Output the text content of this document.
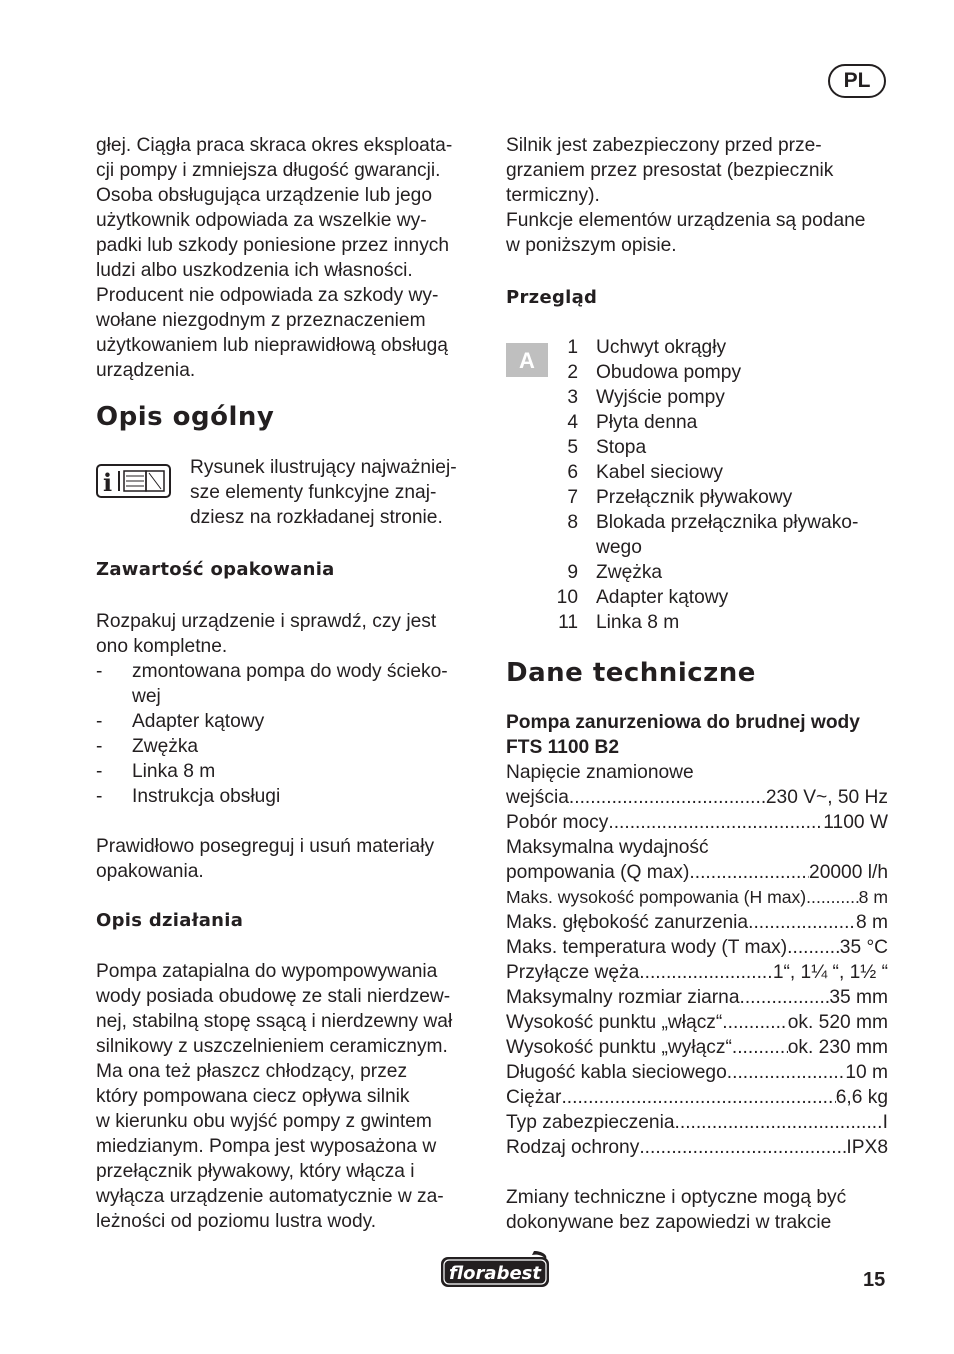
PL

głej. Ciągła praca skraca okres eksploata-

cji pompy i zmniejsza długość gwarancji.

Osoba obsługująca urządzenie lub jego

użytkownik odpowiada za wszelkie wy-

padki lub szkody poniesione przez innych

ludzi albo uszkodzenia ich własności.

Producent nie odpowiada za szkody wy-

wołane niezgodnym z przeznaczeniem

użytkowaniem lub nieprawidłową obsługą

urządzenia.

Opis ogólny
i

Rysunek ilustrujący najważniej-

sze elementy funkcyjne znaj-

dziesz na rozkładanej stronie.

Zawartość opakowania

Rozpakuj urządzenie i sprawdź, czy jest

ono kompletne.

- zmontowana pompa do wody ściekо-
wej
- Adapter kątowy
- Zwężka
- Linka 8 m
- Instrukcja obsługi

Prawidłowo posegreguj i usuń materiały

opakowania.

Opis działania

Pompa zatapialna do wypompowywania

wody posiada obudowę ze stali nierdzew-

nej, stabilną stopę ssącą i nierdzewny wał

silnikowy z uszczelnieniem ceramicznym.

Ma ona też płaszcz chłodzący, przez

który pompowana ciecz opływa silnik

w kierunku obu wyjść pompy z gwintem

miedzianym. Pompa jest wyposażona w

przełącznik pływakowy, który włącza i

wyłącza urządzenie automatycznie w za-

leżności od poziomu lustra wody.

Silnik jest zabezpieczony przed prze-

grzaniem przez presostat (bezpiecznik

termiczny).

Funkcje elementów urządzenia są podane

w poniższym opisie.

Przegląd
A	1 Uchwyt okrągły
2 Obudowa pompy
3 Wyjście pompy
4 Płyta denna
5 Stopa
6 Kabel sieciowy
7 Przełącznik pływakowy
8 Blokada przełącznika pływako-
wego
9 Zwężka
10 Adapter kątowy
11 Linka 8 m
Dane techniczne

Pompa zanurzeniowa do brudnej wody

FTS 1100 B2

Napięcie znamionowe

wejścia .....	230 V~, 50 Hz
Pobór mocy .....	1100 W

Maksymalna wydajność

pompowania (Q max) .....	20000 l/h
Maks. wysokość pompowania (H max) .....	8 m
Maks. głębokość zanurzenia .....	8 m
Maks. temperatura wody (T max) .....	35 °C
Przyłącze węża .....	1“, 1¼ “, 1½ “
Maksymalny rozmiar ziarna .....	35 mm
Wysokość punktu „włącz“ .....	ok. 520 mm
Wysokość punktu „wyłącz“ .....	ok. 230 mm
Długość kabla sieciowego .....	10 m
Ciężar .....	6,6 kg
Typ zabezpieczenia .....	I
Rodzaj ochrony .....	IPX8

Zmiany techniczne i optyczne mogą być

dokonywane bez zapowiedzi w trakcie

florabest	15
